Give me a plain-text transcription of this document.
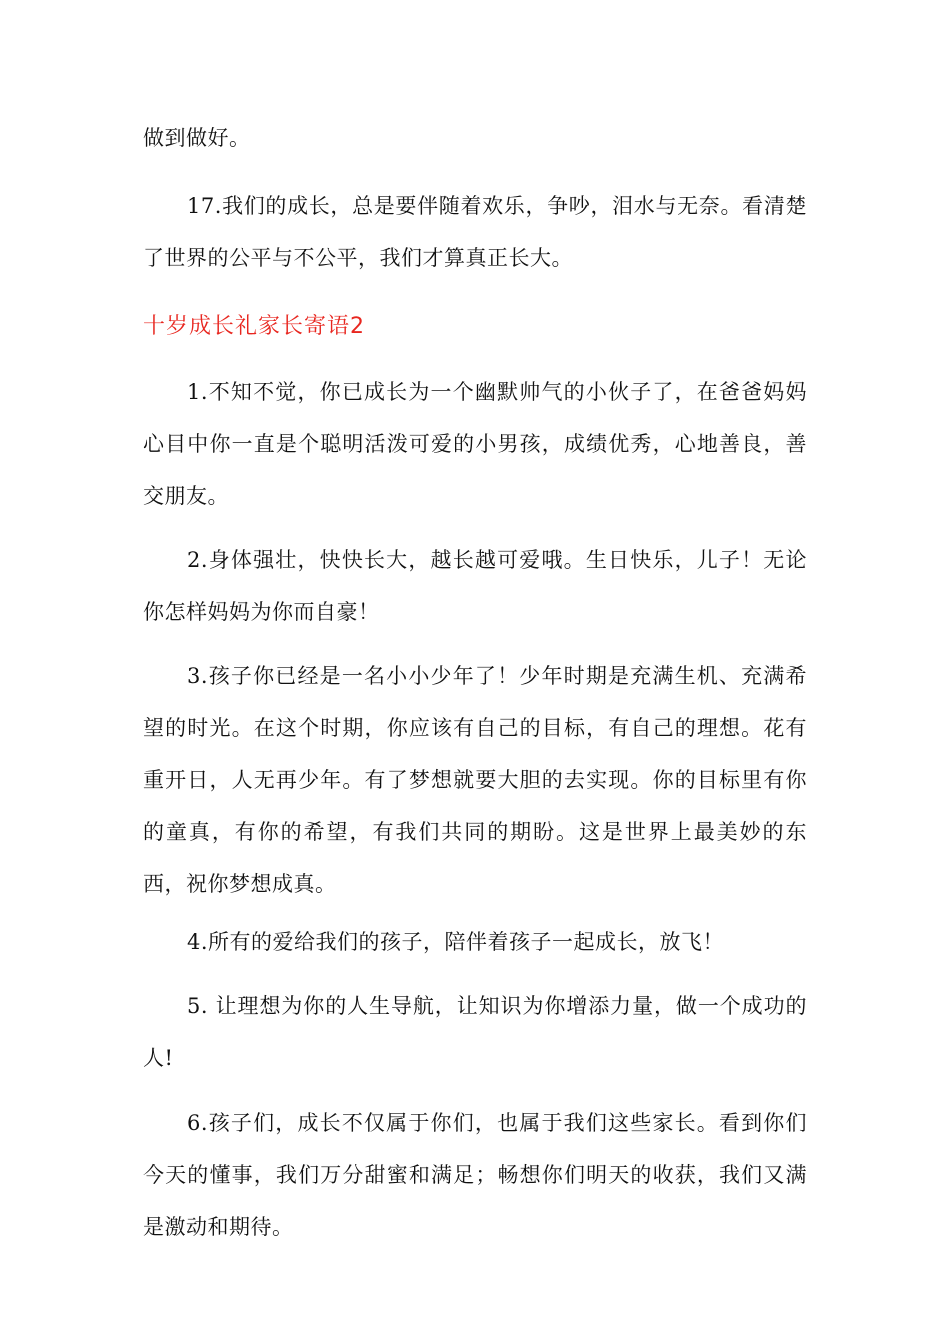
做到做好。

17.我们的成长，总是要伴随着欢乐，争吵，泪水与无奈。看清楚了世界的公平与不公平，我们才算真正长大。

十岁成长礼家长寄语2

1.不知不觉，你已成长为一个幽默帅气的小伙子了，在爸爸妈妈心目中你一直是个聪明活泼可爱的小男孩，成绩优秀，心地善良，善交朋友。

2.身体强壮，快快长大，越长越可爱哦。生日快乐，儿子！无论你怎样妈妈为你而自豪！

3.孩子你已经是一名小小少年了！少年时期是充满生机、充满希望的时光。在这个时期，你应该有自己的目标，有自己的理想。花有重开日，人无再少年。有了梦想就要大胆的去实现。你的目标里有你的童真，有你的希望，有我们共同的期盼。这是世界上最美妙的东西，祝你梦想成真。

4.所有的爱给我们的孩子，陪伴着孩子一起成长，放飞！

5. 让理想为你的人生导航，让知识为你增添力量，做一个成功的人!

6.孩子们，成长不仅属于你们，也属于我们这些家长。看到你们今天的懂事，我们万分甜蜜和满足；畅想你们明天的收获，我们又满是激动和期待。
